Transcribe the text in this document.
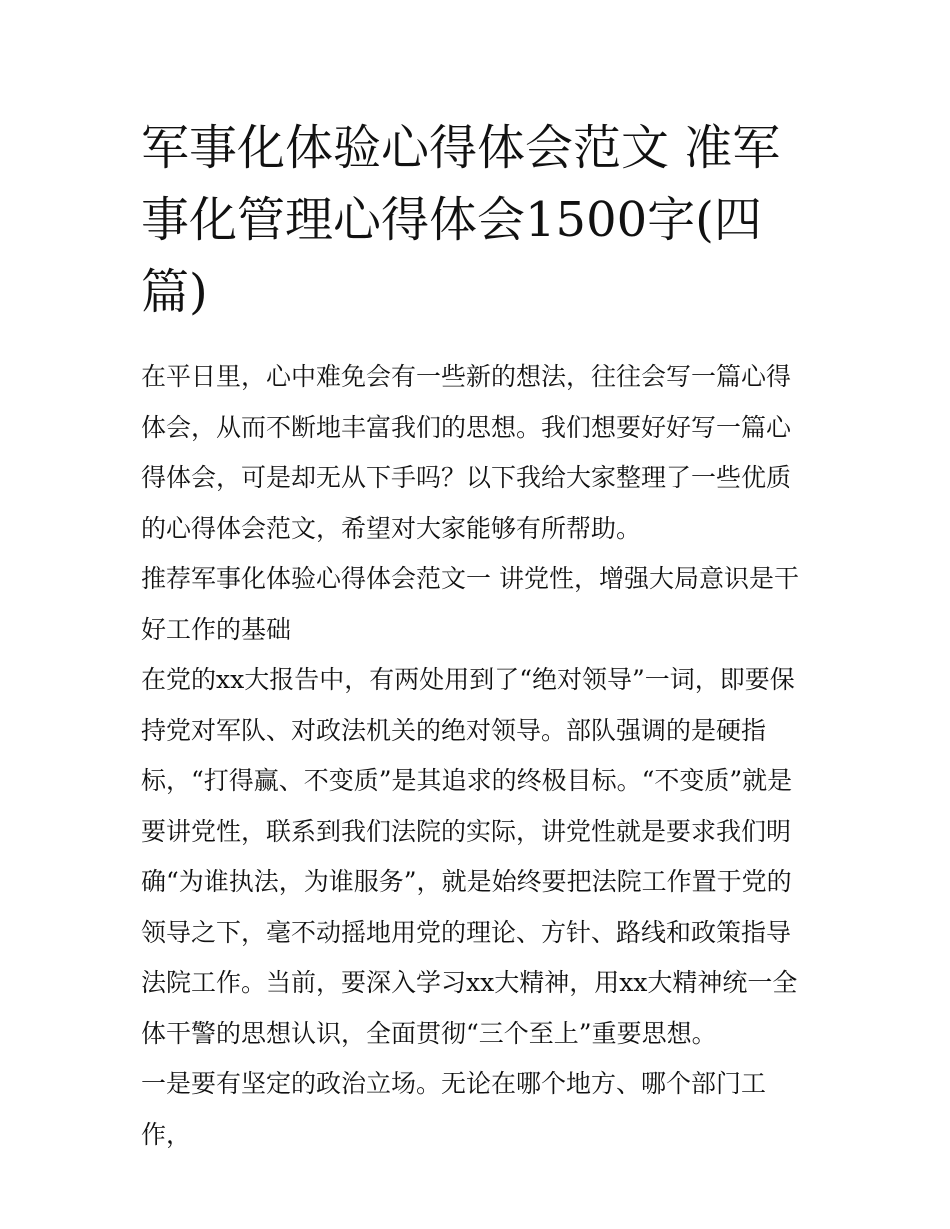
军事化体验心得体会范文 准军事化管理心得体会1500字(四篇)

在平日里，心中难免会有一些新的想法，往往会写一篇心得体会，从而不断地丰富我们的思想。我们想要好好写一篇心得体会，可是却无从下手吗？以下我给大家整理了一些优质的心得体会范文，希望对大家能够有所帮助。

推荐军事化体验心得体会范文一 讲党性，增强大局意识是干好工作的基础

在党的xx大报告中，有两处用到了“绝对领导”一词，即要保持党对军队、对政法机关的绝对领导。部队强调的是硬指标，“打得赢、不变质”是其追求的终极目标。“不变质”就是要讲党性，联系到我们法院的实际，讲党性就是要求我们明确“为谁执法，为谁服务”，就是始终要把法院工作置于党的领导之下，毫不动摇地用党的理论、方针、路线和政策指导法院工作。当前，要深入学习xx大精神，用xx大精神统一全体干警的思想认识，全面贯彻“三个至上”重要思想。

一是要有坚定的政治立场。无论在哪个地方、哪个部门工作，
